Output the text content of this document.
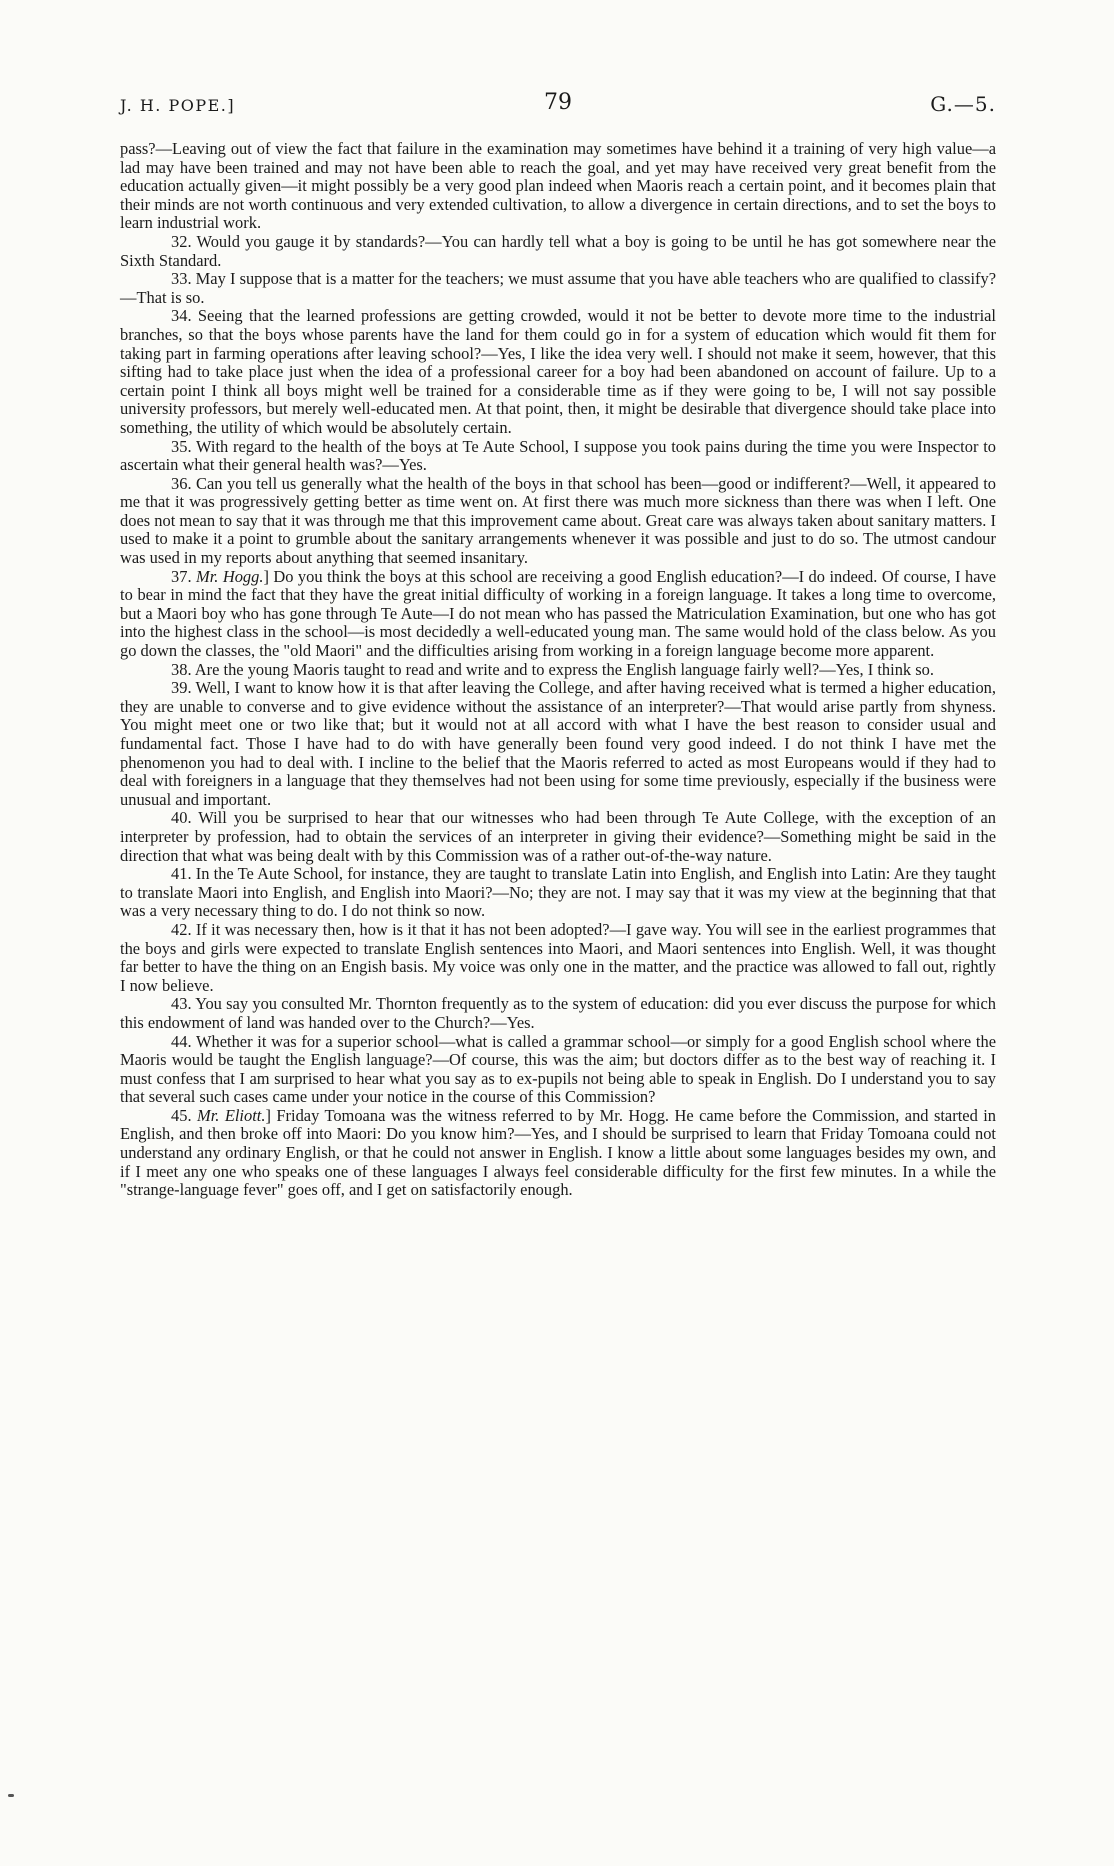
J. H. POPE.]	79	G.—5.

pass?—Leaving out of view the fact that failure in the examination may sometimes have behind it a training of very high value—a lad may have been trained and may not have been able to reach the goal, and yet may have received very great benefit from the education actually given—it might possibly be a very good plan indeed when Maoris reach a certain point, and it becomes plain that their minds are not worth continuous and very extended cultivation, to allow a divergence in certain directions, and to set the boys to learn industrial work.

32. Would you gauge it by standards?—You can hardly tell what a boy is going to be until he has got somewhere near the Sixth Standard.

33. May I suppose that is a matter for the teachers; we must assume that you have able teachers who are qualified to classify?—That is so.

34. Seeing that the learned professions are getting crowded, would it not be better to devote more time to the industrial branches, so that the boys whose parents have the land for them could go in for a system of education which would fit them for taking part in farming operations after leaving school?—Yes, I like the idea very well. I should not make it seem, however, that this sifting had to take place just when the idea of a professional career for a boy had been abandoned on account of failure. Up to a certain point I think all boys might well be trained for a considerable time as if they were going to be, I will not say possible university professors, but merely well-educated men. At that point, then, it might be desirable that divergence should take place into something, the utility of which would be absolutely certain.

35. With regard to the health of the boys at Te Aute School, I suppose you took pains during the time you were Inspector to ascertain what their general health was?—Yes.

36. Can you tell us generally what the health of the boys in that school has been—good or indifferent?—Well, it appeared to me that it was progressively getting better as time went on. At first there was much more sickness than there was when I left. One does not mean to say that it was through me that this improvement came about. Great care was always taken about sanitary matters. I used to make it a point to grumble about the sanitary arrangements whenever it was possible and just to do so. The utmost candour was used in my reports about anything that seemed insanitary.

37. Mr. Hogg.] Do you think the boys at this school are receiving a good English education?—I do indeed. Of course, I have to bear in mind the fact that they have the great initial difficulty of working in a foreign language. It takes a long time to overcome, but a Maori boy who has gone through Te Aute—I do not mean who has passed the Matriculation Examination, but one who has got into the highest class in the school—is most decidedly a well-educated young man. The same would hold of the class below. As you go down the classes, the "old Maori" and the difficulties arising from working in a foreign language become more apparent.

38. Are the young Maoris taught to read and write and to express the English language fairly well?—Yes, I think so.

39. Well, I want to know how it is that after leaving the College, and after having received what is termed a higher education, they are unable to converse and to give evidence without the assistance of an interpreter?—That would arise partly from shyness. You might meet one or two like that; but it would not at all accord with what I have the best reason to consider usual and fundamental fact. Those I have had to do with have generally been found very good indeed. I do not think I have met the phenomenon you had to deal with. I incline to the belief that the Maoris referred to acted as most Europeans would if they had to deal with foreigners in a language that they themselves had not been using for some time previously, especially if the business were unusual and important.

40. Will you be surprised to hear that our witnesses who had been through Te Aute College, with the exception of an interpreter by profession, had to obtain the services of an interpreter in giving their evidence?—Something might be said in the direction that what was being dealt with by this Commission was of a rather out-of-the-way nature.

41. In the Te Aute School, for instance, they are taught to translate Latin into English, and English into Latin: Are they taught to translate Maori into English, and English into Maori?—No; they are not. I may say that it was my view at the beginning that that was a very necessary thing to do. I do not think so now.

42. If it was necessary then, how is it that it has not been adopted?—I gave way. You will see in the earliest programmes that the boys and girls were expected to translate English sentences into Maori, and Maori sentences into English. Well, it was thought far better to have the thing on an Engish basis. My voice was only one in the matter, and the practice was allowed to fall out, rightly I now believe.

43. You say you consulted Mr. Thornton frequently as to the system of education: did you ever discuss the purpose for which this endowment of land was handed over to the Church?—Yes.

44. Whether it was for a superior school—what is called a grammar school—or simply for a good English school where the Maoris would be taught the English language?—Of course, this was the aim; but doctors differ as to the best way of reaching it. I must confess that I am surprised to hear what you say as to ex-pupils not being able to speak in English. Do I understand you to say that several such cases came under your notice in the course of this Commission?

45. Mr. Eliott.] Friday Tomoana was the witness referred to by Mr. Hogg. He came before the Commission, and started in English, and then broke off into Maori: Do you know him?—Yes, and I should be surprised to learn that Friday Tomoana could not understand any ordinary English, or that he could not answer in English. I know a little about some languages besides my own, and if I meet any one who speaks one of these languages I always feel considerable difficulty for the first few minutes. In a while the "strange-language fever" goes off, and I get on satisfactorily enough.
